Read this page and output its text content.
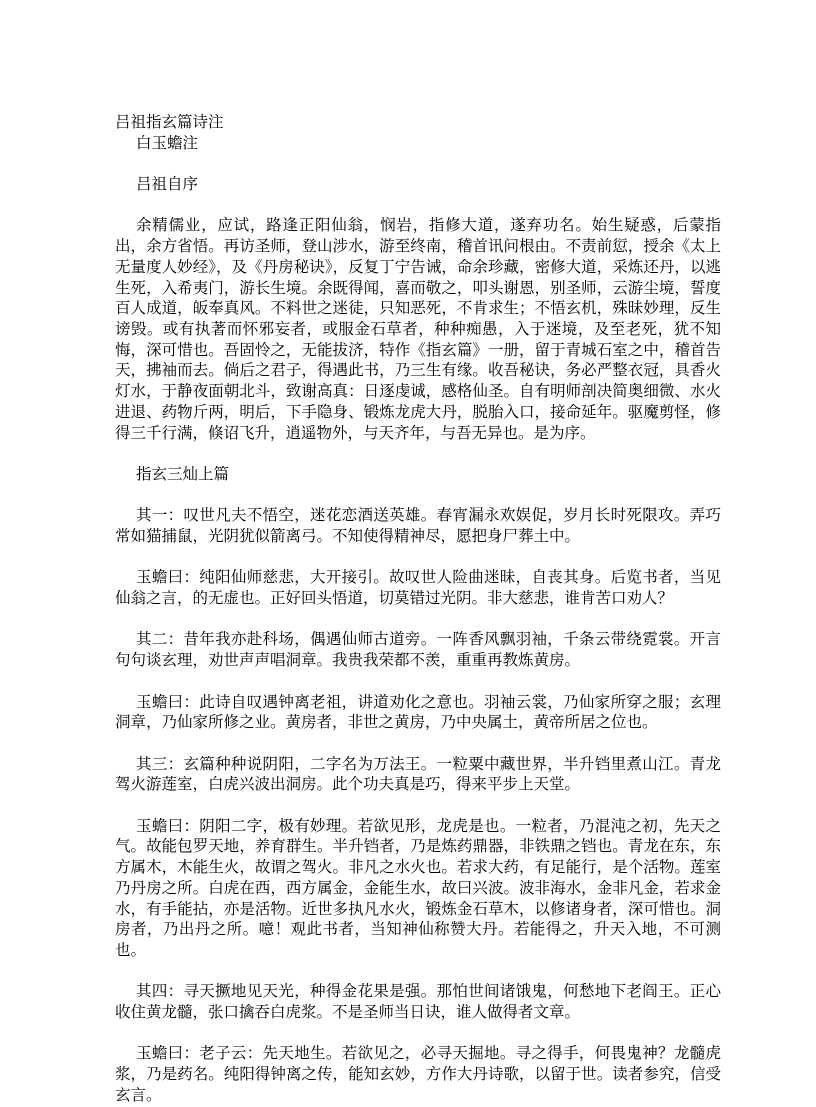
吕祖指玄篇诗注

白玉蟾注

吕祖自序

余精儒业，应试，路逢正阳仙翁，悯岩，指修大道，遂弃功名。始生疑惑，后蒙指出，余方省悟。再访圣师，登山涉水，游至终南，稽首讯问根由。不责前愆，授余《太上无量度人妙经》，及《丹房秘诀》，反复丁宁告诫，命余珍藏，密修大道，采炼还丹，以逃生死，入希夷门，游长生境。余既得闻，喜而敬之，叩头谢恩，别圣师，云游尘境，誓度百人成道，皈奉真风。不料世之迷徒，只知恶死，不肯求生；不悟玄机，殊昧妙理，反生谤毁。或有执著而怀邪妄者，或服金石草者，种种痴愚，入于迷境，及至老死，犹不知悔，深可惜也。吾固怜之，无能拔济，特作《指玄篇》一册，留于青城石室之中，稽首告天，拂袖而去。倘后之君子，得遇此书，乃三生有缘。收吾秘诀，务必严整衣冠，具香火灯水，于静夜面朝北斗，致谢高真：日逐虔诚，感格仙圣。自有明师剖决简奥细微、水火进退、药物斤两，明后，下手隐身、锻炼龙虎大丹，脱胎入口，接命延年。驱魔剪怪，修得三千行满，倏诏飞升，逍遥物外，与天齐年，与吾无异也。是为序。

指玄三灿上篇

其一：叹世凡夫不悟空，迷花恋酒送英雄。春宵漏永欢娱促，岁月长时死限攻。弄巧常如猫捕鼠，光阴犹似箭离弓。不知使得精神尽，愿把身尸葬土中。

玉蟾曰：纯阳仙师慈悲，大开接引。故叹世人险曲迷昧，自丧其身。后览书者，当见仙翁之言，的无虚也。正好回头悟道，切莫错过光阴。非大慈悲，谁肯苦口劝人？

其二：昔年我亦赴科场，偶遇仙师古道旁。一阵香风飘羽袖，千条云带绕霓裳。开言句句谈玄理，劝世声声唱洞章。我贵我荣都不羡，重重再教炼黄房。

玉蟾曰：此诗自叹遇钟离老祖，讲道劝化之意也。羽袖云裳，乃仙家所穿之服；玄理洞章，乃仙家所修之业。黄房者，非世之黄房，乃中央属土，黄帝所居之位也。

其三：玄篇种种说阴阳，二字名为万法王。一粒粟中藏世界，半升铛里煮山江。青龙驾火游莲室，白虎兴波出洞房。此个功夫真是巧，得来平步上天堂。

玉蟾曰：阴阳二字，极有妙理。若欲见形，龙虎是也。一粒者，乃混沌之初，先天之气。故能包罗天地，养育群生。半升铛者，乃是炼药鼎器，非铁鼎之铛也。青龙在东，东方属木，木能生火，故谓之驾火。非凡之水火也。若求大药，有足能行，是个活物。莲室乃丹房之所。白虎在西，西方属金，金能生水，故曰兴波。波非海水，金非凡金，若求金水，有手能拈，亦是活物。近世多执凡水火，锻炼金石草木，以修诸身者，深可惜也。洞房者，乃出丹之所。噫！观此书者，当知神仙称赞大丹。若能得之，升天入地，不可测也。

其四：寻天撅地见天光，种得金花果是强。那怕世间诸饿鬼，何愁地下老阎王。正心收住黄龙髓，张口擒吞白虎浆。不是圣师当日诀，谁人做得者文章。

玉蟾曰：老子云：先天地生。若欲见之，必寻天掘地。寻之得手，何畏鬼神？龙髓虎浆，乃是药名。纯阳得钟离之传，能知玄妙，方作大丹诗歌，以留于世。读者参究，信受玄言。
